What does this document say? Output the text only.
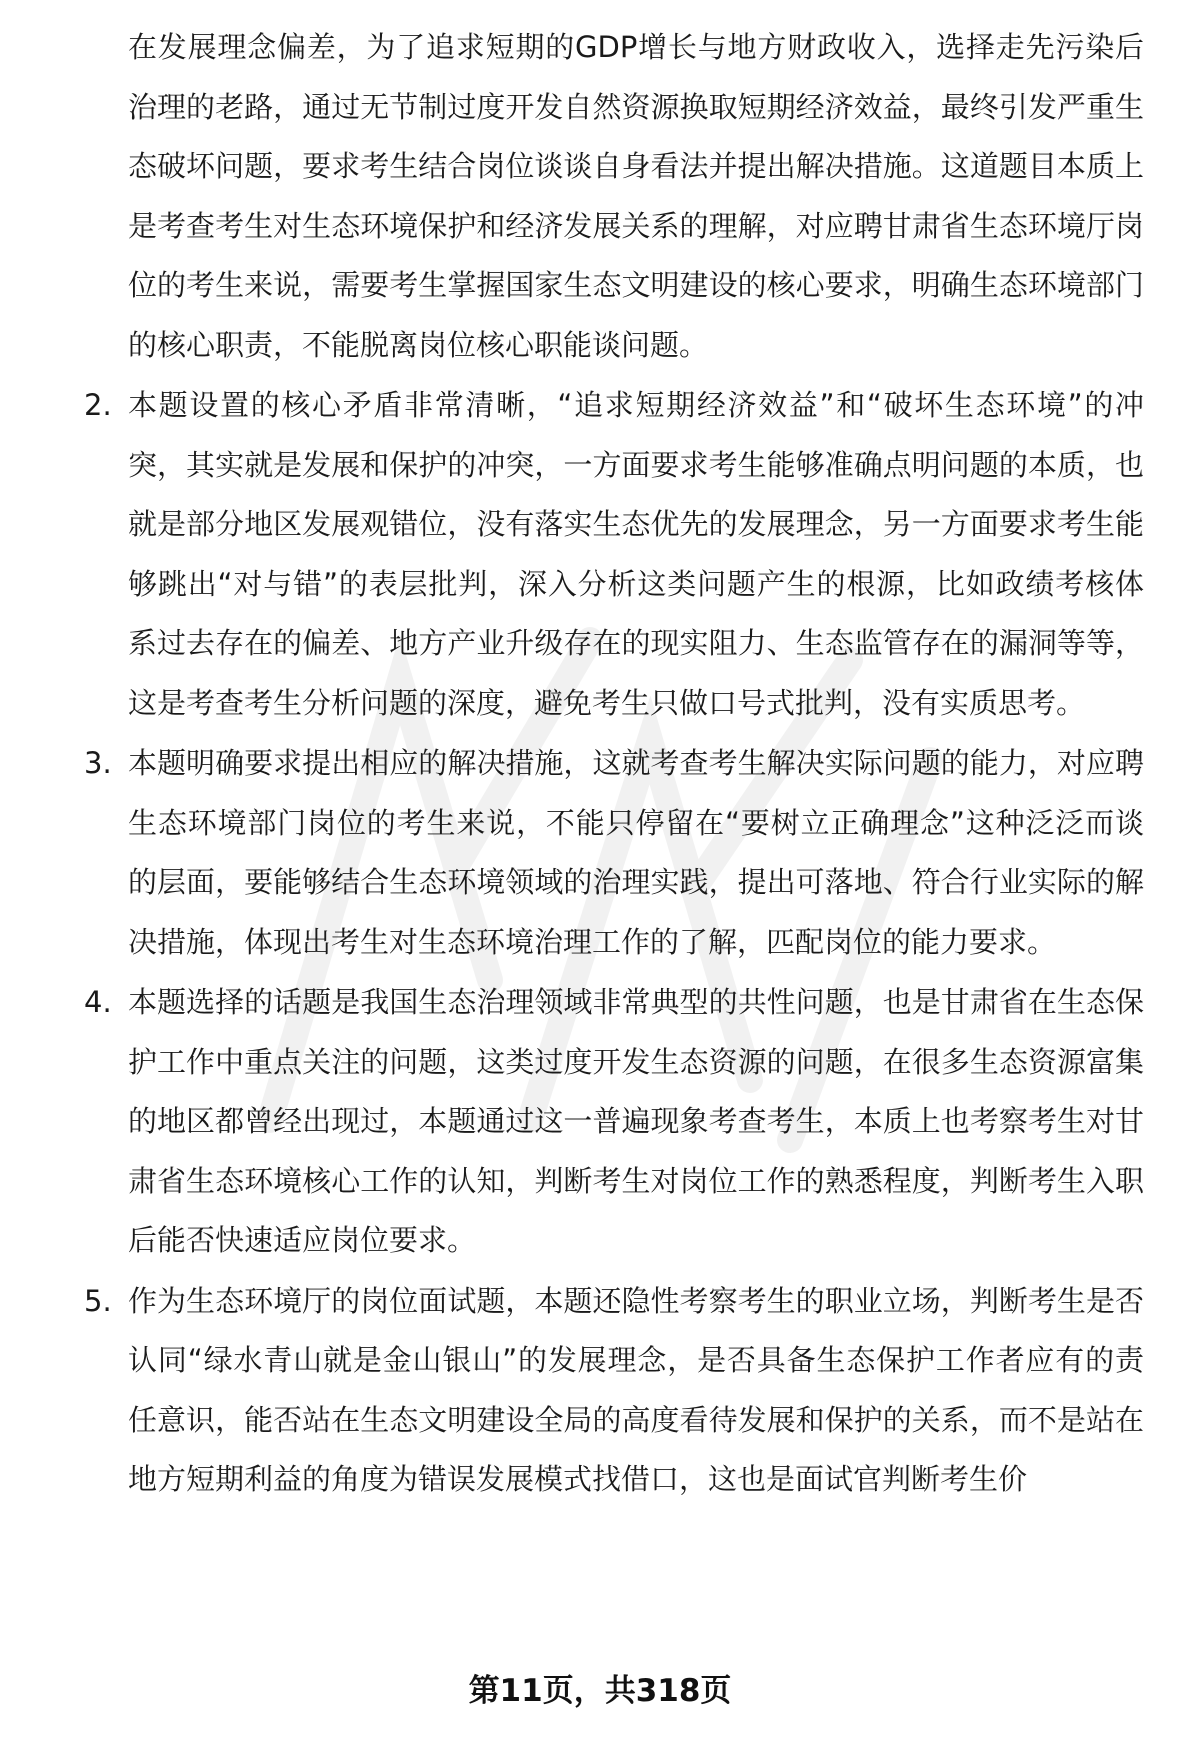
在发展理念偏差，为了追求短期的GDP增长与地方财政收入，选择走先污染后治理的老路，通过无节制过度开发自然资源换取短期经济效益，最终引发严重生态破坏问题，要求考生结合岗位谈谈自身看法并提出解决措施。这道题目本质上是考查考生对生态环境保护和经济发展关系的理解，对应聘甘肃省生态环境厅岗位的考生来说，需要考生掌握国家生态文明建设的核心要求，明确生态环境部门的核心职责，不能脱离岗位核心职能谈问题。

2. 本题设置的核心矛盾非常清晰，“追求短期经济效益”和“破坏生态环境”的冲突，其实就是发展和保护的冲突，一方面要求考生能够准确点明问题的本质，也就是部分地区发展观错位，没有落实生态优先的发展理念，另一方面要求考生能够跳出“对与错”的表层批判，深入分析这类问题产生的根源，比如政绩考核体系过去存在的偏差、地方产业升级存在的现实阻力、生态监管存在的漏洞等等，这是考查考生分析问题的深度，避免考生只做口号式批判，没有实质思考。

3. 本题明确要求提出相应的解决措施，这就考查考生解决实际问题的能力，对应聘生态环境部门岗位的考生来说，不能只停留在“要树立正确理念”这种泛泛而谈的层面，要能够结合生态环境领域的治理实践，提出可落地、符合行业实际的解决措施，体现出考生对生态环境治理工作的了解，匹配岗位的能力要求。

4. 本题选择的话题是我国生态治理领域非常典型的共性问题，也是甘肃省在生态保护工作中重点关注的问题，这类过度开发生态资源的问题，在很多生态资源富集的地区都曾经出现过，本题通过这一普遍现象考查考生，本质上也考察考生对甘肃省生态环境核心工作的认知，判断考生对岗位工作的熟悉程度，判断考生入职后能否快速适应岗位要求。

5. 作为生态环境厅的岗位面试题，本题还隐性考察考生的职业立场，判断考生是否认同“绿水青山就是金山银山”的发展理念，是否具备生态保护工作者应有的责任意识，能否站在生态文明建设全局的高度看待发展和保护的关系，而不是站在地方短期利益的角度为错误发展模式找借口，这也是面试官判断考生价

第11页，共318页
